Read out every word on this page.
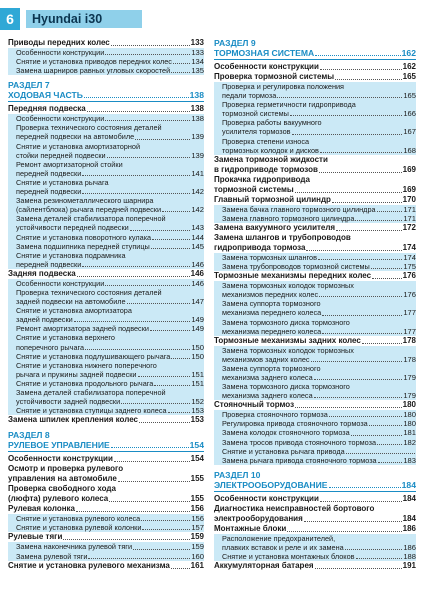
6	Hyundai i30
Приводы передних колес	133
Особенности конструкции	133
Снятие и установка приводов передних колес	134
Замена шарниров равных угловых скоростей	135
РАЗДЕЛ 7
ХОДОВАЯ ЧАСТЬ	138
Передняя подвеска	138
Особенности конструкции	138
Проверка технического состояния деталей
передней подвески на автомобиле	139
Снятие и установка амортизаторной
стойки передней подвески	139
Ремонт амортизаторной стойки
передней подвески	141
Снятие и установка рычага
передней подвески	142
Замена резинометаллического шарнира
(сайлентблока) рычага передней подвески	142
Замена деталей стабилизатора поперечной
устойчивости передней подвески	143
Снятие и установка поворотного кулака	144
Замена подшипника передней ступицы	145
Снятие и установка подрамника
передней подвески	146
Задняя подвеска	146
Особенности конструкции	146
Проверка технического состояния деталей
задней подвески на автомобиле	147
Снятие и установка амортизатора
задней подвески	149
Ремонт амортизатора задней подвески	149
Снятие и установка верхнего
поперечного рычага	150
Снятие и установка подлушивающего рычага	150
Снятие и установка нижнего поперечного
рычага и пружины задней подвески	151
Снятие и установка продольного рычага	151
Замена деталей стабилизатора поперечной
устойчивости задней подвески	152
Снятие и установка ступицы заднего колеса	153
Замена шпилек крепления колес	153
РАЗДЕЛ 8
РУЛЕВОЕ УПРАВЛЕНИЕ	154
Особенности конструкции	154
Осмотр и проверка рулевого
управления на автомобиле	155
Проверка свободного хода
(люфта) рулевого колеса	155
Рулевая колонка	156
Снятие и установка рулевого колеса	156
Снятие и установка рулевой колонки	157
Рулевые тяги	159
Замена наконечника рулевой тяги	159
Замена рулевой тяги	160
Снятие и установка рулевого механизма	161
РАЗДЕЛ 9
ТОРМОЗНАЯ СИСТЕМА	162
Особенности конструкции	162
Проверка тормозной системы	165
Проверка и регулировка положения
педали тормоза	165
Проверка герметичности гидропривода
тормозной системы	166
Проверка работы вакуумного
усилителя тормозов	167
Проверка степени износа
тормозных колодок и дисков	168
Замена тормозной жидкости
в гидроприводе тормозов	169
Прокачка гидропривода
тормозной системы	169
Главный тормозной цилиндр	170
Замена бачка главного тормозного цилиндра	171
Замена главного тормозного цилиндра	171
Замена вакуумного усилителя	172
Замена шлангов и трубопроводов
гидропривода тормоза	174
Замена тормозных шлангов	174
Замена трубопроводов тормозной системы	175
Тормозные механизмы передних колес	176
Замена тормозных колодок тормозных
механизмов передних колес	176
Замена суппорта тормозного
механизма переднего колеса	177
Замена тормозного диска тормозного
механизма переднего колеса	177
Тормозные механизмы задних колес	178
Замена тормозных колодок тормозных
механизмов задних колес	178
Замена суппорта тормозного
механизма заднего колеса	179
Замена тормозного диска тормозного
механизма заднего колеса	179
Стояночный тормоз	180
Проверка стояночного тормоза	180
Регулировка привода стояночного тормоза	180
Замена колодок стояночного тормоза	181
Замена тросов привода стояночного тормоза	182
Снятие и установка рычага привода
Замена рычага привода стояночного тормоза	183
РАЗДЕЛ 10
ЭЛЕКТРООБОРУДОВАНИЕ	184
Особенности конструкции	184
Диагностика неисправностей бортового
электрооборудования	184
Монтажные блоки	186
Расположение предохранителей,
плавких вставок и реле и их замена	186
Снятие и установка монтажных блоков	188
Аккумуляторная батарея	191
